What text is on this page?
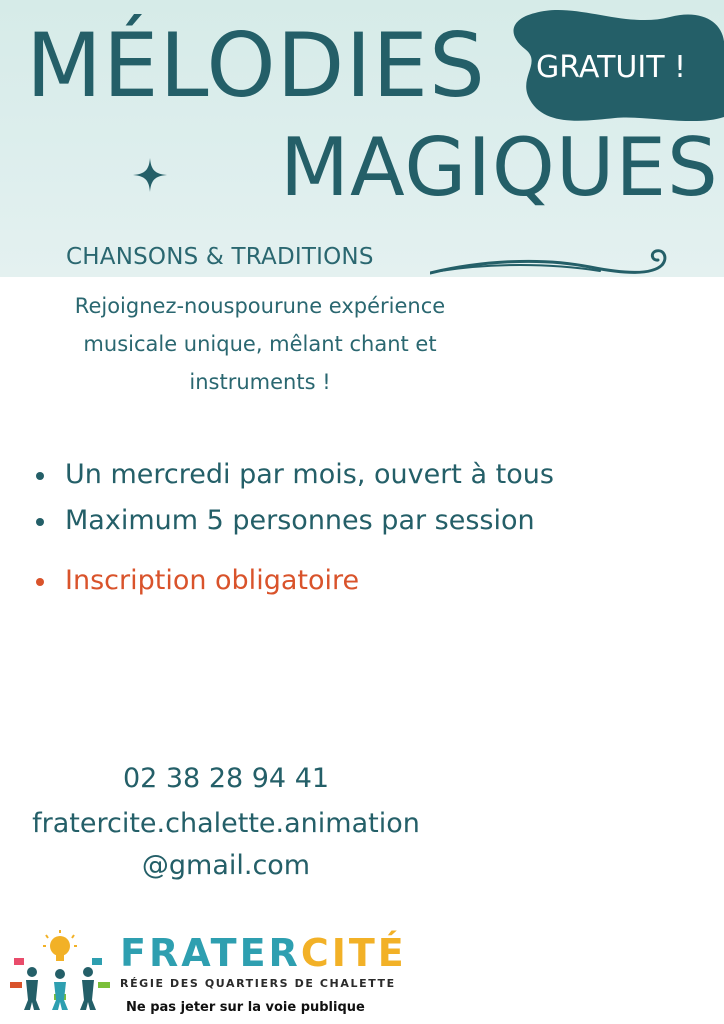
MÉLODIES
MAGIQUES
GRATUIT !
CHANSONS & TRADITIONS
Rejoignez-nouspourune expérience
musicale unique, mêlant chant et
instruments !
Un mercredi par mois, ouvert à tous
Maximum 5 personnes par session
Inscription obligatoire
02 38 28 94 41
fratercite.chalette.animation
@gmail.com
FRATERCITÉ
RÉGIE DES QUARTIERS DE CHALETTE
Ne pas jeter sur la voie publique
